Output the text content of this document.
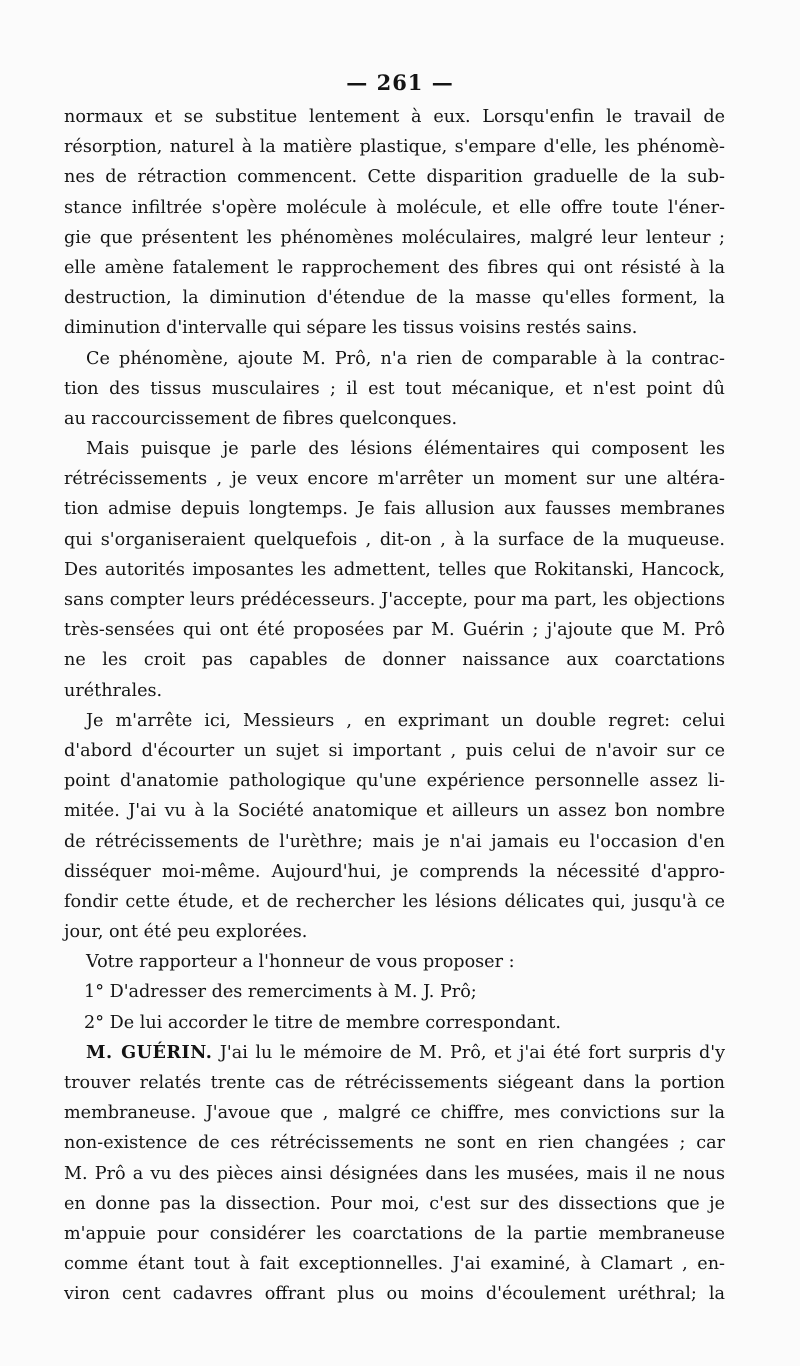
— 261 —
normaux et se substitue lentement à eux. Lorsqu'enfin le travail de
résorption, naturel à la matière plastique, s'empare d'elle, les phénomè-
nes de rétraction commencent. Cette disparition graduelle de la sub-
stance infiltrée s'opère molécule à molécule, et elle offre toute l'éner-
gie que présentent les phénomènes moléculaires, malgré leur lenteur ;
elle amène fatalement le rapprochement des fibres qui ont résisté à la
destruction, la diminution d'étendue de la masse qu'elles forment, la
diminution d'intervalle qui sépare les tissus voisins restés sains.
Ce phénomène, ajoute M. Prô, n'a rien de comparable à la contrac-
tion des tissus musculaires ; il est tout mécanique, et n'est point dû
au raccourcissement de fibres quelconques.
Mais puisque je parle des lésions élémentaires qui composent les
rétrécissements , je veux encore m'arrêter un moment sur une altéra-
tion admise depuis longtemps. Je fais allusion aux fausses membranes
qui s'organiseraient quelquefois , dit-on , à la surface de la muqueuse.
Des autorités imposantes les admettent, telles que Rokitanski, Hancock,
sans compter leurs prédécesseurs. J'accepte, pour ma part, les objections
très-sensées qui ont été proposées par M. Guérin ; j'ajoute que M. Prô
ne les croit pas capables de donner naissance aux coarctations
uréthrales.
Je m'arrête ici, Messieurs , en exprimant un double regret: celui
d'abord d'écourter un sujet si important , puis celui de n'avoir sur ce
point d'anatomie pathologique qu'une expérience personnelle assez li-
mitée. J'ai vu à la Société anatomique et ailleurs un assez bon nombre
de rétrécissements de l'urèthre; mais je n'ai jamais eu l'occasion d'en
disséquer moi-même. Aujourd'hui, je comprends la nécessité d'appro-
fondir cette étude, et de rechercher les lésions délicates qui, jusqu'à ce
jour, ont été peu explorées.
Votre rapporteur a l'honneur de vous proposer :
1° D'adresser des remerciments à M. J. Prô;
2° De lui accorder le titre de membre correspondant.
M. GUÉRIN. J'ai lu le mémoire de M. Prô, et j'ai été fort surpris d'y
trouver relatés trente cas de rétrécissements siégeant dans la portion
membraneuse. J'avoue que , malgré ce chiffre, mes convictions sur la
non-existence de ces rétrécissements ne sont en rien changées ; car
M. Prô a vu des pièces ainsi désignées dans les musées, mais il ne nous
en donne pas la dissection. Pour moi, c'est sur des dissections que je
m'appuie pour considérer les coarctations de la partie membraneuse
comme étant tout à fait exceptionnelles. J'ai examiné, à Clamart , en-
viron cent cadavres offrant plus ou moins d'écoulement uréthral; la
